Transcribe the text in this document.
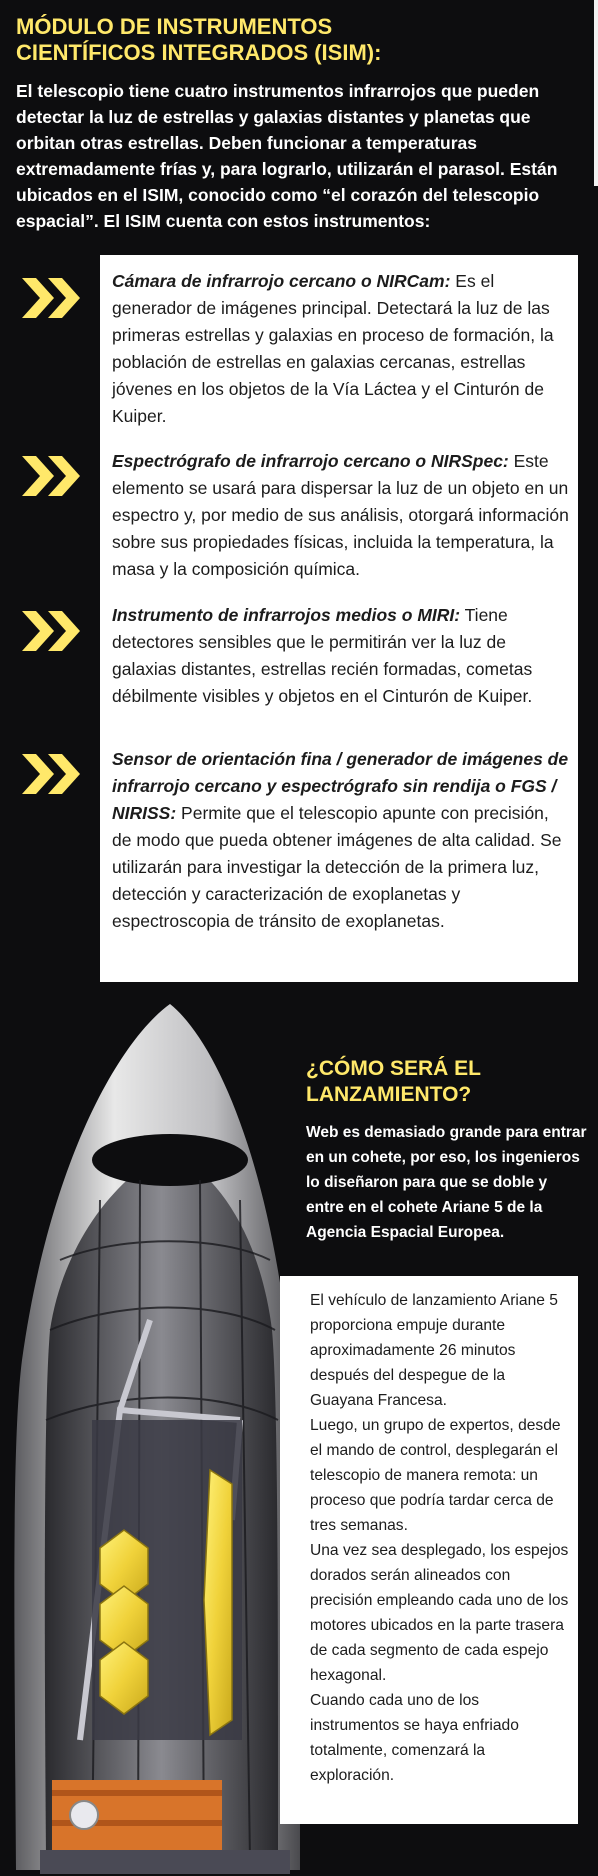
MÓDULO DE INSTRUMENTOS
CIENTÍFICOS INTEGRADOS (ISIM):

El telescopio tiene cuatro instrumentos infrarrojos que pueden detectar la luz de estrellas y galaxias distantes y planetas que orbitan otras estrellas. Deben funcionar a temperaturas extremadamente frías y, para lograrlo, utilizarán el parasol. Están ubicados en el ISIM, conocido como “el corazón del telescopio espacial”. El ISIM cuenta con estos instrumentos:

Cámara de infrarrojo cercano o NIRCam: Es el generador de imágenes principal. Detectará la luz de las primeras estrellas y galaxias en proceso de formación, la población de estrellas en galaxias cercanas, estrellas jóvenes en los objetos de la Vía Láctea y el Cinturón de Kuiper.

Espectrógrafo de infrarrojo cercano o NIRSpec: Este elemento se usará para dispersar la luz de un objeto en un espectro y, por medio de sus análisis, otorgará información sobre sus propiedades físicas, incluida la temperatura, la masa y la composición química.

Instrumento de infrarrojos medios o MIRI: Tiene detectores sensibles que le permitirán ver la luz de galaxias distantes, estrellas recién formadas, cometas débilmente visibles y objetos en el Cinturón de Kuiper.

Sensor de orientación fina / generador de imágenes de infrarrojo cercano y espectrógrafo sin rendija o FGS / NIRISS: Permite que el telescopio apunte con precisión, de modo que pueda obtener imágenes de alta calidad. Se utilizarán para investigar la detección de la primera luz, detección y caracterización de exoplanetas y espectroscopia de tránsito de exoplanetas.

¿CÓMO SERÁ EL
LANZAMIENTO?

Web es demasiado grande para entrar en un cohete, por eso, los ingenieros lo diseñaron para que se doble y entre en el cohete Ariane 5 de la Agencia Espacial Europea.

El vehículo de lanzamiento Ariane 5 proporciona empuje durante aproximadamente 26 minutos después del despegue de la Guayana Francesa.
Luego, un grupo de expertos, desde el mando de control, desplegarán el telescopio de manera remota: un proceso que podría tardar cerca de tres semanas.
Una vez sea desplegado, los espejos dorados serán alineados con precisión empleando cada uno de los motores ubicados en la parte trasera de cada segmento de cada espejo hexagonal.
Cuando cada uno de los instrumentos se haya enfriado totalmente, comenzará la exploración.
